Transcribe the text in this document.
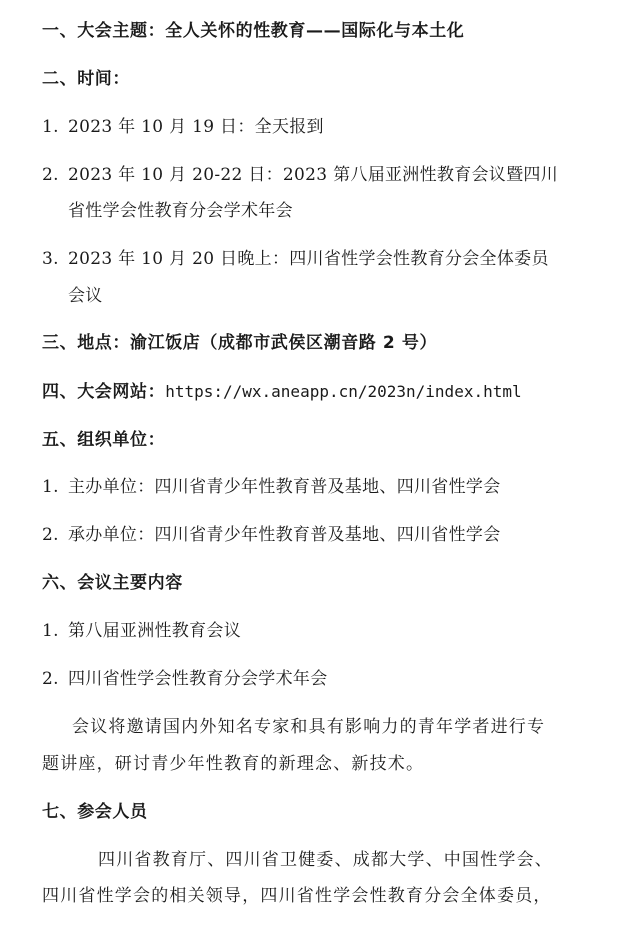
一、大会主题：全人关怀的性教育——国际化与本土化
二、时间：
1. 2023 年 10 月 19 日：全天报到
2. 2023 年 10 月 20-22 日：2023 第八届亚洲性教育会议暨四川
省性学会性教育分会学术年会
3. 2023 年 10 月 20 日晚上：四川省性学会性教育分会全体委员
会议
三、地点：渝江饭店（成都市武侯区潮音路 2 号）
四、大会网站：https://wx.aneapp.cn/2023n/index.html
五、组织单位：
1. 主办单位：四川省青少年性教育普及基地、四川省性学会
2. 承办单位：四川省青少年性教育普及基地、四川省性学会
六、会议主要内容
1. 第八届亚洲性教育会议
2. 四川省性学会性教育分会学术年会
会议将邀请国内外知名专家和具有影响力的青年学者进行专
题讲座，研讨青少年性教育的新理念、新技术。
七、参会人员
四川省教育厅、四川省卫健委、成都大学、中国性学会、
四川省性学会的相关领导，四川省性学会性教育分会全体委员，
